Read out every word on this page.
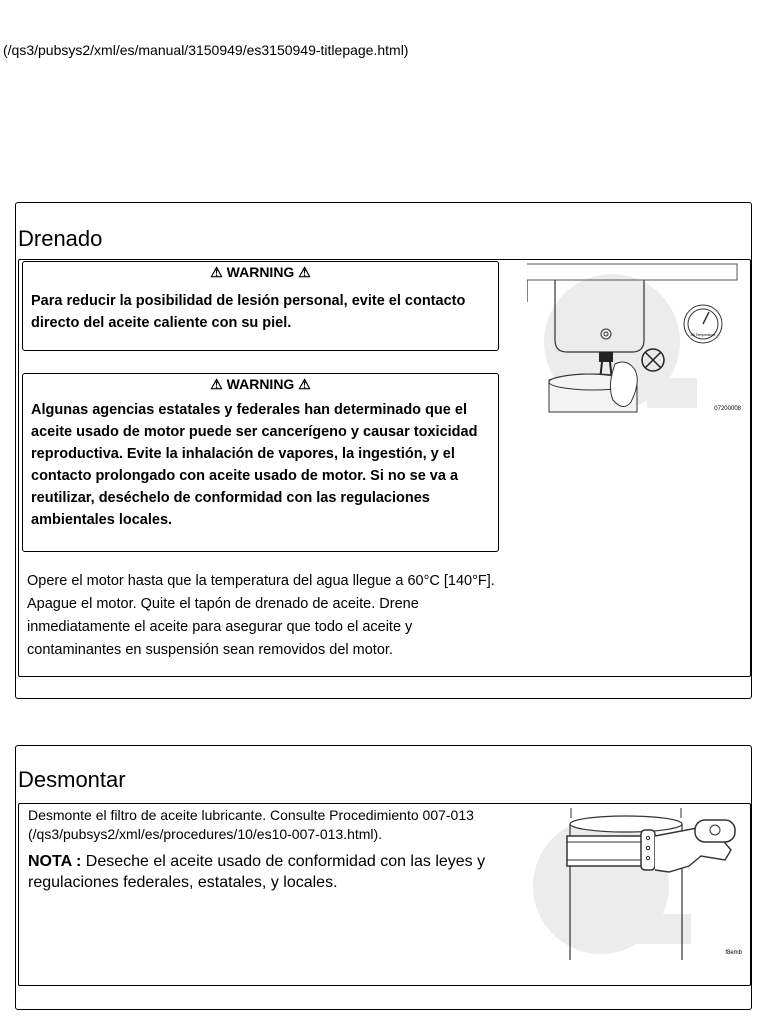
(/qs3/pubsys2/xml/es/manual/3150949/es3150949-titlepage.html)
Drenado
⚠ WARNING ⚠
Para reducir la posibilidad de lesión personal, evite el contacto directo del aceite caliente con su piel.
⚠ WARNING ⚠
Algunas agencias estatales y federales han determinado que el aceite usado de motor puede ser cancerígeno y causar toxicidad reproductiva. Evite la inhalación de vapores, la ingestión, y el contacto prolongado con aceite usado de motor. Si no se va a reutilizar, deséchelo de conformidad con las regulaciones ambientales locales.
Opere el motor hasta que la temperatura del agua llegue a 60°C [140°F]. Apague el motor. Quite el tapón de drenado de aceite. Drene inmediatamente el aceite para asegurar que todo el aceite y contaminantes en suspensión sean removidos del motor.
Oil Temperature
07200008
Desmontar
Desmonte el filtro de aceite lubricante. Consulte Procedimiento 007-013 (/qs3/pubsys2/xml/es/procedures/10/es10-007-013.html).
NOTA : Deseche el aceite usado de conformidad con las leyes y regulaciones federales, estatales, y locales.
f8emb
